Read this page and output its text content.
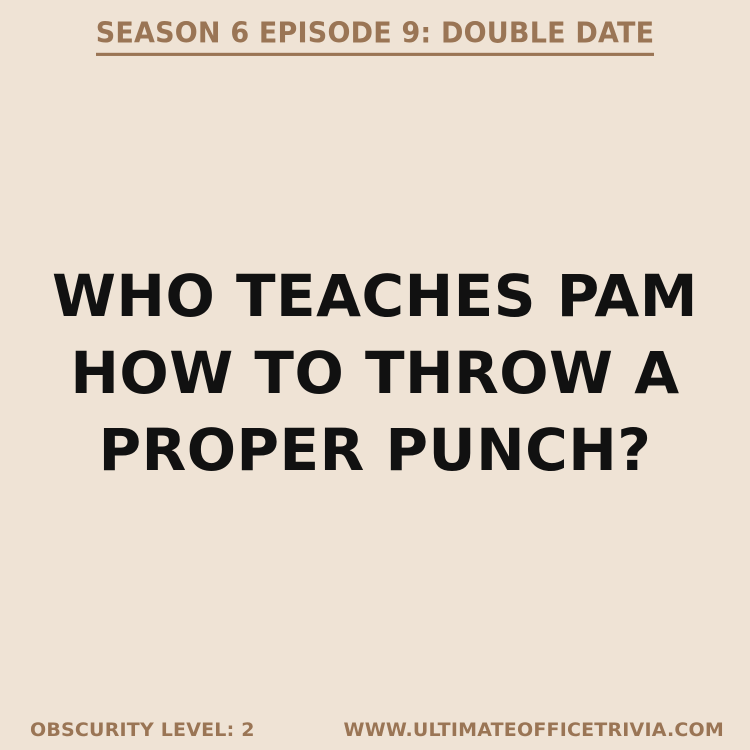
SEASON 6 EPISODE 9: DOUBLE DATE
WHO TEACHES PAM
HOW TO THROW A
PROPER PUNCH?
OBSCURITY LEVEL: 2	WWW.ULTIMATEOFFICETRIVIA.COM
